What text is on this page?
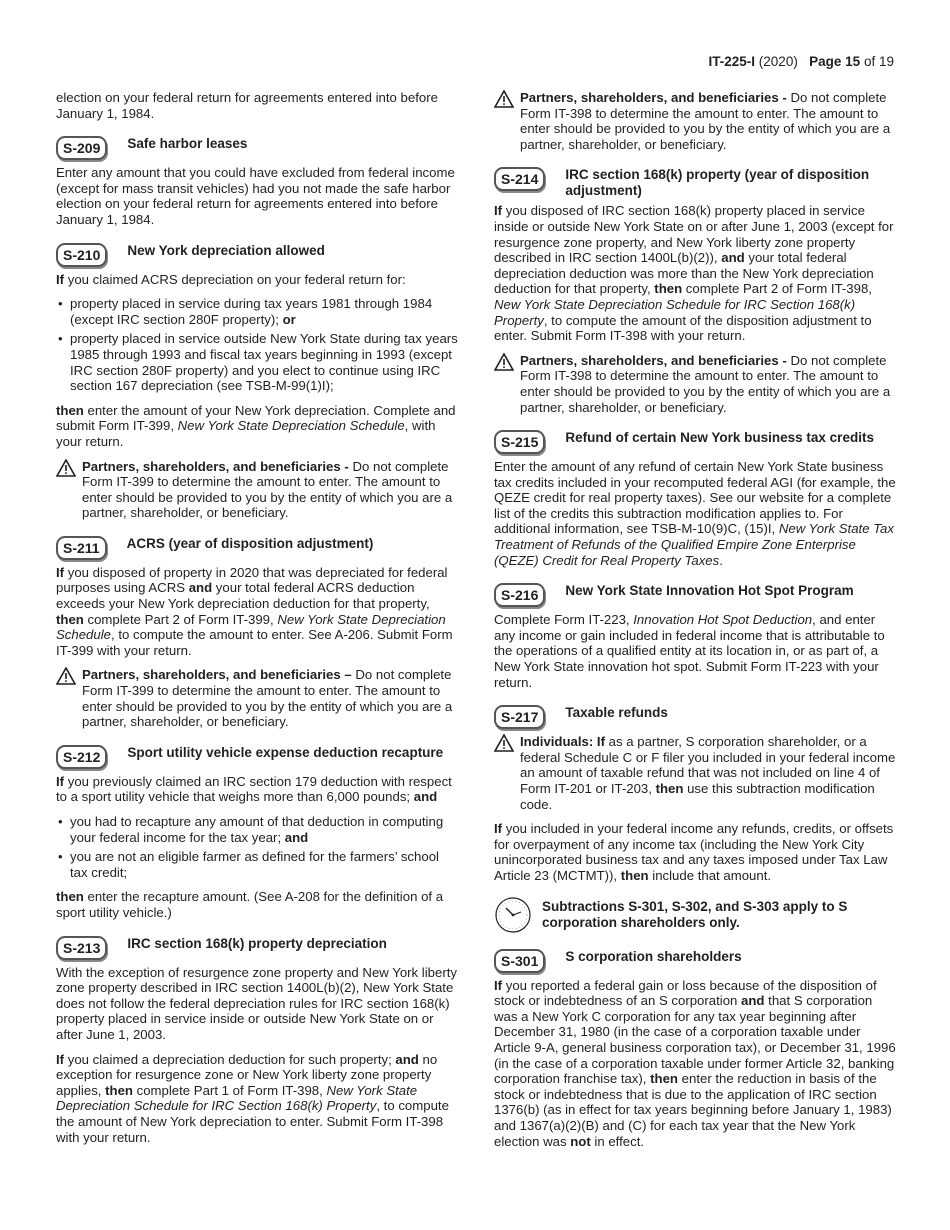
IT-225-I (2020) Page 15 of 19

election on your federal return for agreements entered into before January 1, 1984.

S-209	Safe harbor leases

Enter any amount that you could have excluded from federal income (except for mass transit vehicles) had you not made the safe harbor election on your federal return for agreements entered into before January 1, 1984.

S-210	New York depreciation allowed

If you claimed ACRS depreciation on your federal return for:

• property placed in service during tax years 1981 through 1984 (except IRC section 280F property); or
• property placed in service outside New York State during tax years 1985 through 1993 and fiscal tax years beginning in 1993 (except IRC section 280F property) and you elect to continue using IRC section 167 depreciation (see TSB-M-99(1)I);

then enter the amount of your New York depreciation. Complete and submit Form IT-399, New York State Depreciation Schedule, with your return.

Partners, shareholders, and beneficiaries - Do not complete Form IT-399 to determine the amount to enter. The amount to enter should be provided to you by the entity of which you are a partner, shareholder, or beneficiary.

S-211	ACRS (year of disposition adjustment)

If you disposed of property in 2020 that was depreciated for federal purposes using ACRS and your total federal ACRS deduction exceeds your New York depreciation deduction for that property, then complete Part 2 of Form IT-399, New York State Depreciation Schedule, to compute the amount to enter. See A-206. Submit Form IT-399 with your return.

Partners, shareholders, and beneficiaries – Do not complete Form IT-399 to determine the amount to enter. The amount to enter should be provided to you by the entity of which you are a partner, shareholder, or beneficiary.

S-212	Sport utility vehicle expense deduction recapture

If you previously claimed an IRC section 179 deduction with respect to a sport utility vehicle that weighs more than 6,000 pounds; and

• you had to recapture any amount of that deduction in computing your federal income for the tax year; and
• you are not an eligible farmer as defined for the farmers’ school tax credit;

then enter the recapture amount. (See A-208 for the definition of a sport utility vehicle.)

S-213	IRC section 168(k) property depreciation

With the exception of resurgence zone property and New York liberty zone property described in IRC section 1400L(b)(2), New York State does not follow the federal depreciation rules for IRC section 168(k) property placed in service inside or outside New York State on or after June 1, 2003.

If you claimed a depreciation deduction for such property; and no exception for resurgence zone or New York liberty zone property applies, then complete Part 1 of Form IT-398, New York State Depreciation Schedule for IRC Section 168(k) Property, to compute the amount of New York depreciation to enter. Submit Form IT-398 with your return.

Partners, shareholders, and beneficiaries - Do not complete Form IT-398 to determine the amount to enter. The amount to enter should be provided to you by the entity of which you are a partner, shareholder, or beneficiary.

S-214	IRC section 168(k) property (year of disposition adjustment)

If you disposed of IRC section 168(k) property placed in service inside or outside New York State on or after June 1, 2003 (except for resurgence zone property, and New York liberty zone property described in IRC section 1400L(b)(2)), and your total federal depreciation deduction was more than the New York depreciation deduction for that property, then complete Part 2 of Form IT-398, New York State Depreciation Schedule for IRC Section 168(k) Property, to compute the amount of the disposition adjustment to enter. Submit Form IT-398 with your return.

Partners, shareholders, and beneficiaries - Do not complete Form IT-398 to determine the amount to enter. The amount to enter should be provided to you by the entity of which you are a partner, shareholder, or beneficiary.

S-215	Refund of certain New York business tax credits

Enter the amount of any refund of certain New York State business tax credits included in your recomputed federal AGI (for example, the QEZE credit for real property taxes). See our website for a complete list of the credits this subtraction modification applies to. For additional information, see TSB-M-10(9)C, (15)I, New York State Tax Treatment of Refunds of the Qualified Empire Zone Enterprise (QEZE) Credit for Real Property Taxes.

S-216	New York State Innovation Hot Spot Program

Complete Form IT-223, Innovation Hot Spot Deduction, and enter any income or gain included in federal income that is attributable to the operations of a qualified entity at its location in, or as part of, a New York State innovation hot spot. Submit Form IT-223 with your return.

S-217	Taxable refunds

Individuals: If as a partner, S corporation shareholder, or a federal Schedule C or F filer you included in your federal income an amount of taxable refund that was not included on line 4 of Form IT-201 or IT-203, then use this subtraction modification code.

If you included in your federal income any refunds, credits, or offsets for overpayment of any income tax (including the New York City unincorporated business tax and any taxes imposed under Tax Law Article 23 (MCTMT)), then include that amount.

Subtractions S-301, S-302, and S-303 apply to S corporation shareholders only.
S-301	S corporation shareholders

If you reported a federal gain or loss because of the disposition of stock or indebtedness of an S corporation and that S corporation was a New York C corporation for any tax year beginning after December 31, 1980 (in the case of a corporation taxable under Article 9-A, general business corporation tax), or December 31, 1996 (in the case of a corporation taxable under former Article 32, banking corporation franchise tax), then enter the reduction in basis of the stock or indebtedness that is due to the application of IRC section 1376(b) (as in effect for tax years beginning before January 1, 1983) and 1367(a)(2)(B) and (C) for each tax year that the New York election was not in effect.
